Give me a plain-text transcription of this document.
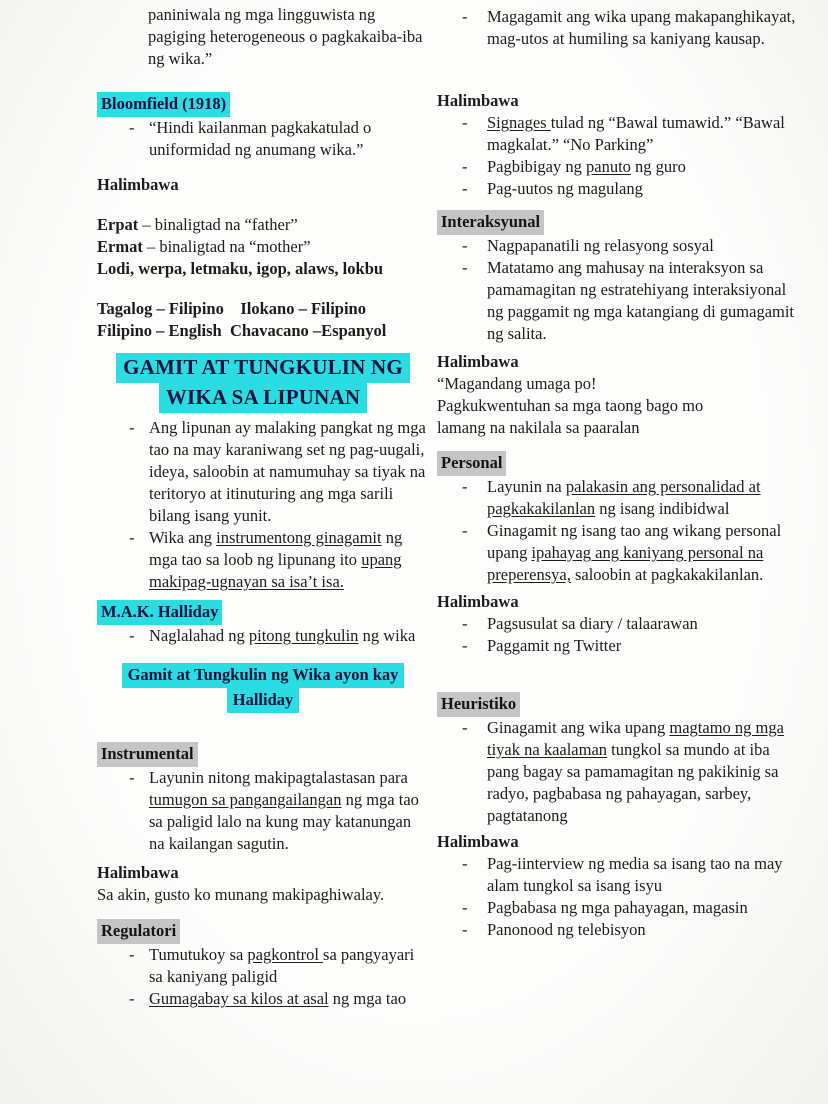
paniniwala ng mga lingguwista ng pagiging heterogeneous o pagkakaiba-iba ng wika.”
Bloomfield (1918)
- “Hindi kailanman pagkakatulad o uniformidad ng anumang wika.”
Halimbawa
Erpat – binaligtad na “father”
Ermat – binaligtad na “mother”
Lodi, werpa, letmaku, igop, alaws, lokbu
Tagalog – Filipino    Ilokano – Filipino
Filipino – English  Chavacano –Espanyol
GAMIT AT TUNGKULIN NG
WIKA SA LIPUNAN
- Ang lipunan ay malaking pangkat ng mga tao na may karaniwang set ng pag-uugali, ideya, saloobin at namumuhay sa tiyak na teritoryo at itinuturing ang mga sarili bilang isang yunit.
- Wika ang instrumentong ginagamit ng mga tao sa loob ng lipunang ito upang makipag-ugnayan sa isa’t isa.
M.A.K. Halliday
- Naglalahad ng pitong tungkulin ng wika
Gamit at Tungkulin ng Wika ayon kay
Halliday
Instrumental
- Layunin nitong makipagtalastasan para tumugon sa pangangailangan ng mga tao sa paligid lalo na kung may katanungan na kailangan sagutin.
Halimbawa
Sa akin, gusto ko munang makipaghiwalay.
Regulatori
- Tumutukoy sa pagkontrol sa pangyayari sa kaniyang paligid
- Gumagabay sa kilos at asal ng mga tao
-	Magagamit ang wika upang makapanghikayat, mag-utos at humiling sa kaniyang kausap.
Halimbawa
-	Signages tulad ng “Bawal tumawid.” “Bawal magkalat.” “No Parking”
-	Pagbibigay ng panuto ng guro
-	Pag-uutos ng magulang
Interaksyunal
-	Nagpapanatili ng relasyong sosyal
-	Matatamo ang mahusay na interaksyon sa pamamagitan ng estratehiyang interaksiyonal ng paggamit ng mga katangiang di gumagamit ng salita.
Halimbawa
“Magandang umaga po!
Pagkukwentuhan sa mga taong bago mo
lamang na nakilala sa paaralan
Personal
-	Layunin na palakasin ang personalidad at pagkakakilanlan ng isang indibidwal
-	Ginagamit ng isang tao ang wikang personal upang ipahayag ang kaniyang personal na preperensya, saloobin at pagkakakilanlan.
Halimbawa
-	Pagsusulat sa diary / talaarawan
-	Paggamit ng Twitter
Heuristiko
-	Ginagamit ang wika upang magtamo ng mga tiyak na kaalaman tungkol sa mundo at iba pang bagay sa pamamagitan ng pakikinig sa radyo, pagbabasa ng pahayagan, sarbey, pagtatanong
Halimbawa
-	Pag-iinterview ng media sa isang tao na may alam tungkol sa isang isyu
-	Pagbabasa ng mga pahayagan, magasin
-	Panonood ng telebisyon
